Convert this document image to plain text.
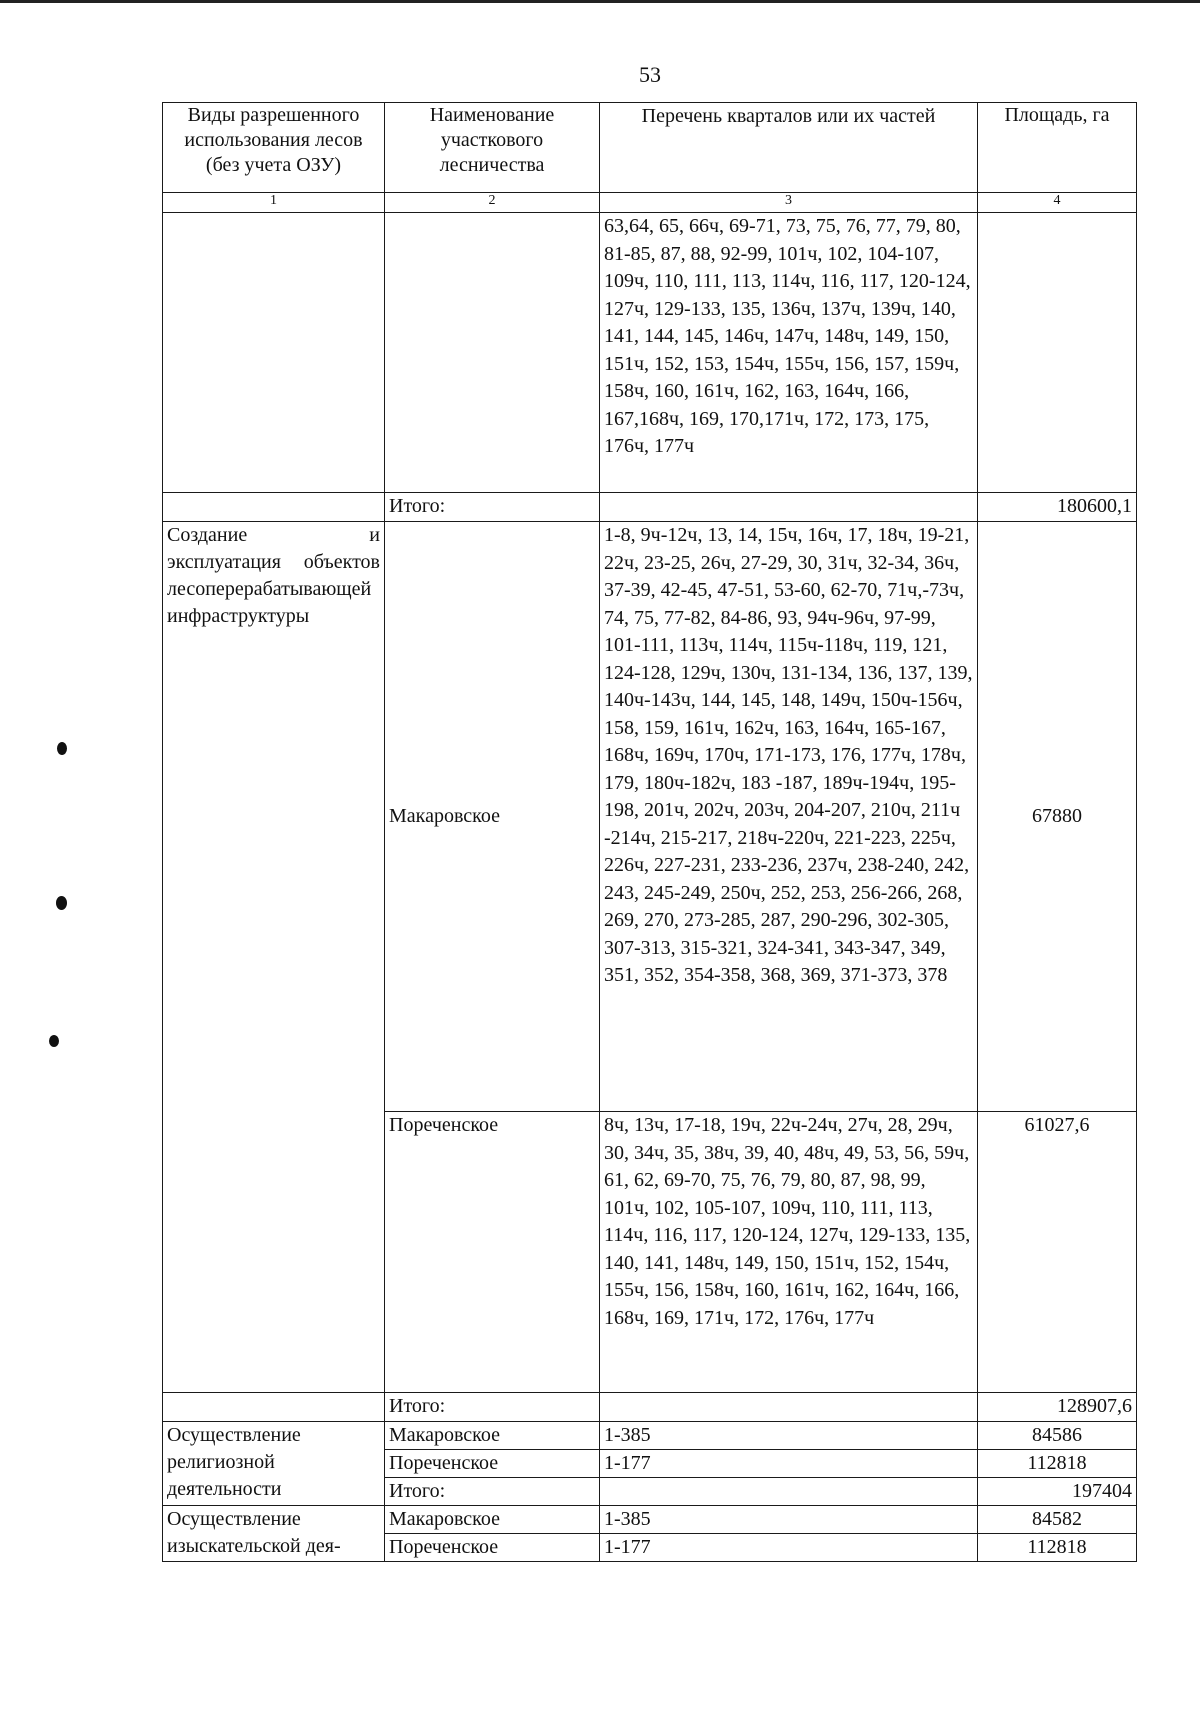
53
Виды разрешенного использования лесов (без учета ОЗУ)	Наименование участкового лесничества	Перечень кварталов или их частей	Площадь, га
1	2	3	4
		63,64, 65, 66ч, 69-71, 73, 75, 76, 77, 79, 80, 81-85, 87, 88, 92-99, 101ч, 102, 104-107, 109ч, 110, 111, 113, 114ч, 116, 117, 120-124, 127ч, 129-133, 135, 136ч, 137ч, 139ч, 140, 141, 144, 145, 146ч, 147ч, 148ч, 149, 150, 151ч, 152, 153, 154ч, 155ч, 156, 157, 159ч, 158ч, 160, 161ч, 162, 163, 164ч, 166, 167,168ч, 169, 170,171ч, 172, 173, 175, 176ч, 177ч	
	Итого:		180600,1
Создание и эксплуатация объектов лесоперерабатывающей инфраструктуры	Макаровское	1-8, 9ч-12ч, 13, 14, 15ч, 16ч, 17, 18ч, 19-21, 22ч, 23-25, 26ч, 27-29, 30, 31ч, 32-34, 36ч, 37-39, 42-45, 47-51, 53-60, 62-70, 71ч,-73ч, 74, 75, 77-82, 84-86, 93, 94ч-96ч, 97-99, 101-111, 113ч, 114ч, 115ч-118ч, 119, 121, 124-128, 129ч, 130ч, 131-134, 136, 137, 139, 140ч-143ч, 144, 145, 148, 149ч, 150ч-156ч, 158, 159, 161ч, 162ч, 163, 164ч, 165-167, 168ч, 169ч, 170ч, 171-173, 176, 177ч, 178ч, 179, 180ч-182ч, 183 -187, 189ч-194ч, 195-198, 201ч, 202ч, 203ч, 204-207, 210ч, 211ч -214ч, 215-217, 218ч-220ч, 221-223, 225ч, 226ч, 227-231, 233-236, 237ч, 238-240, 242, 243, 245-249, 250ч, 252, 253, 256-266, 268, 269, 270, 273-285, 287, 290-296, 302-305, 307-313, 315-321, 324-341, 343-347, 349, 351, 352, 354-358, 368, 369, 371-373, 378	67880
	Пореченское	8ч, 13ч, 17-18, 19ч, 22ч-24ч, 27ч, 28, 29ч, 30, 34ч, 35, 38ч, 39, 40, 48ч, 49, 53, 56, 59ч, 61, 62, 69-70, 75, 76, 79, 80, 87, 98, 99, 101ч, 102, 105-107, 109ч, 110, 111, 113, 114ч, 116, 117, 120-124, 127ч, 129-133, 135, 140, 141, 148ч, 149, 150, 151ч, 152, 154ч, 155ч, 156, 158ч, 160, 161ч, 162, 164ч, 166, 168ч, 169, 171ч, 172, 176ч, 177ч	61027,6
	Итого:		128907,6
Осуществление религиозной деятельности	Макаровское	1-385	84586
	Пореченское	1-177	112818
	Итого:		197404
Осуществление изыскательской дея-	Макаровское	1-385	84582
	Пореченское	1-177	112818
